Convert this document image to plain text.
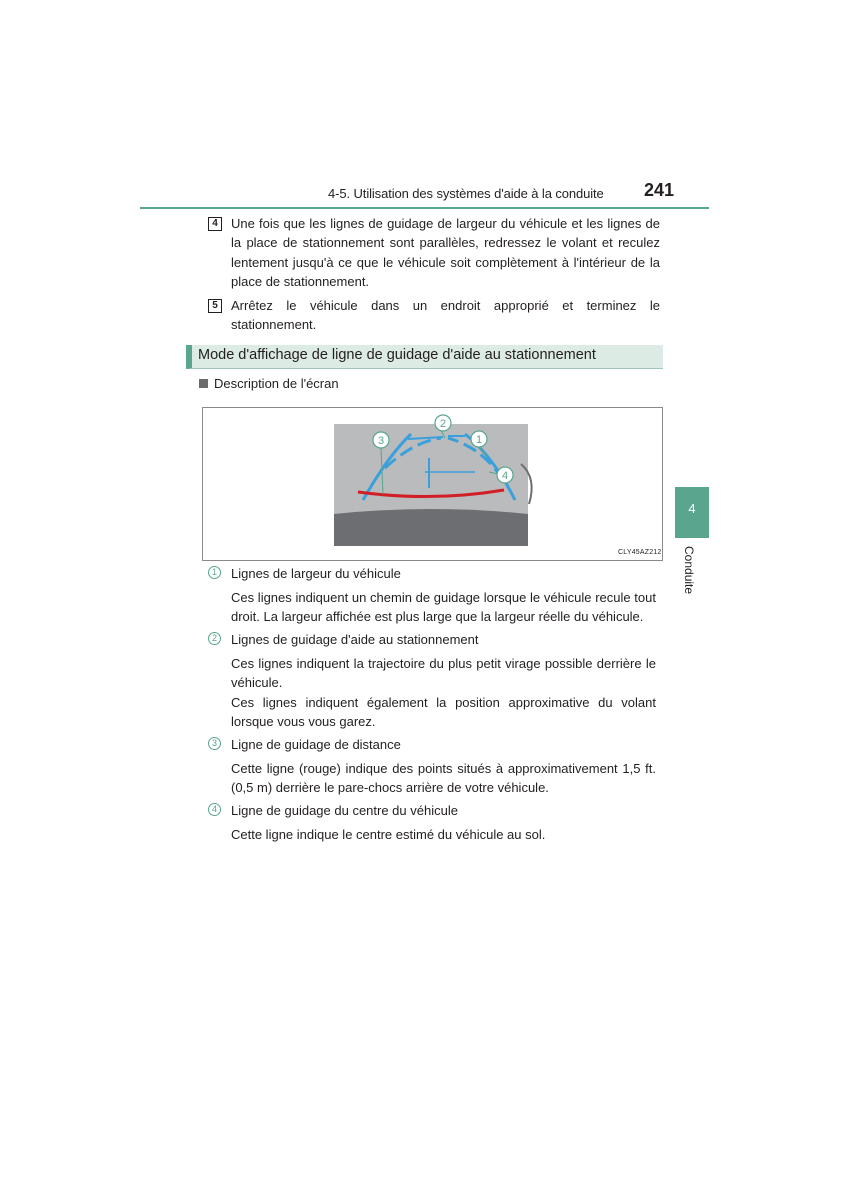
4-5. Utilisation des systèmes d'aide à la conduite 241
4	Une fois que les lignes de guidage de largeur du véhicule et les lignes de la place de stationnement sont parallèles, redressez le volant et reculez lentement jusqu'à ce que le véhicule soit complètement à l'intérieur de la place de stationnement.
5	Arrêtez le véhicule dans un endroit approprié et terminez le stationnement.
Mode d'affichage de ligne de guidage d'aide au stationnement
Description de l'écran
2
3	1
4
CLY45AZ212
1	Lignes de largeur du véhicule
Ces lignes indiquent un chemin de guidage lorsque le véhicule recule tout droit. La largeur affichée est plus large que la largeur réelle du véhicule.
2	Lignes de guidage d'aide au stationnement
Ces lignes indiquent la trajectoire du plus petit virage possible derrière le véhicule.
Ces lignes indiquent également la position approximative du volant lorsque vous vous garez.
3	Ligne de guidage de distance
Cette ligne (rouge) indique des points situés à approximativement 1,5 ft. (0,5 m) derrière le pare-chocs arrière de votre véhicule.
4	Ligne de guidage du centre du véhicule
Cette ligne indique le centre estimé du véhicule au sol.
4
Conduite
